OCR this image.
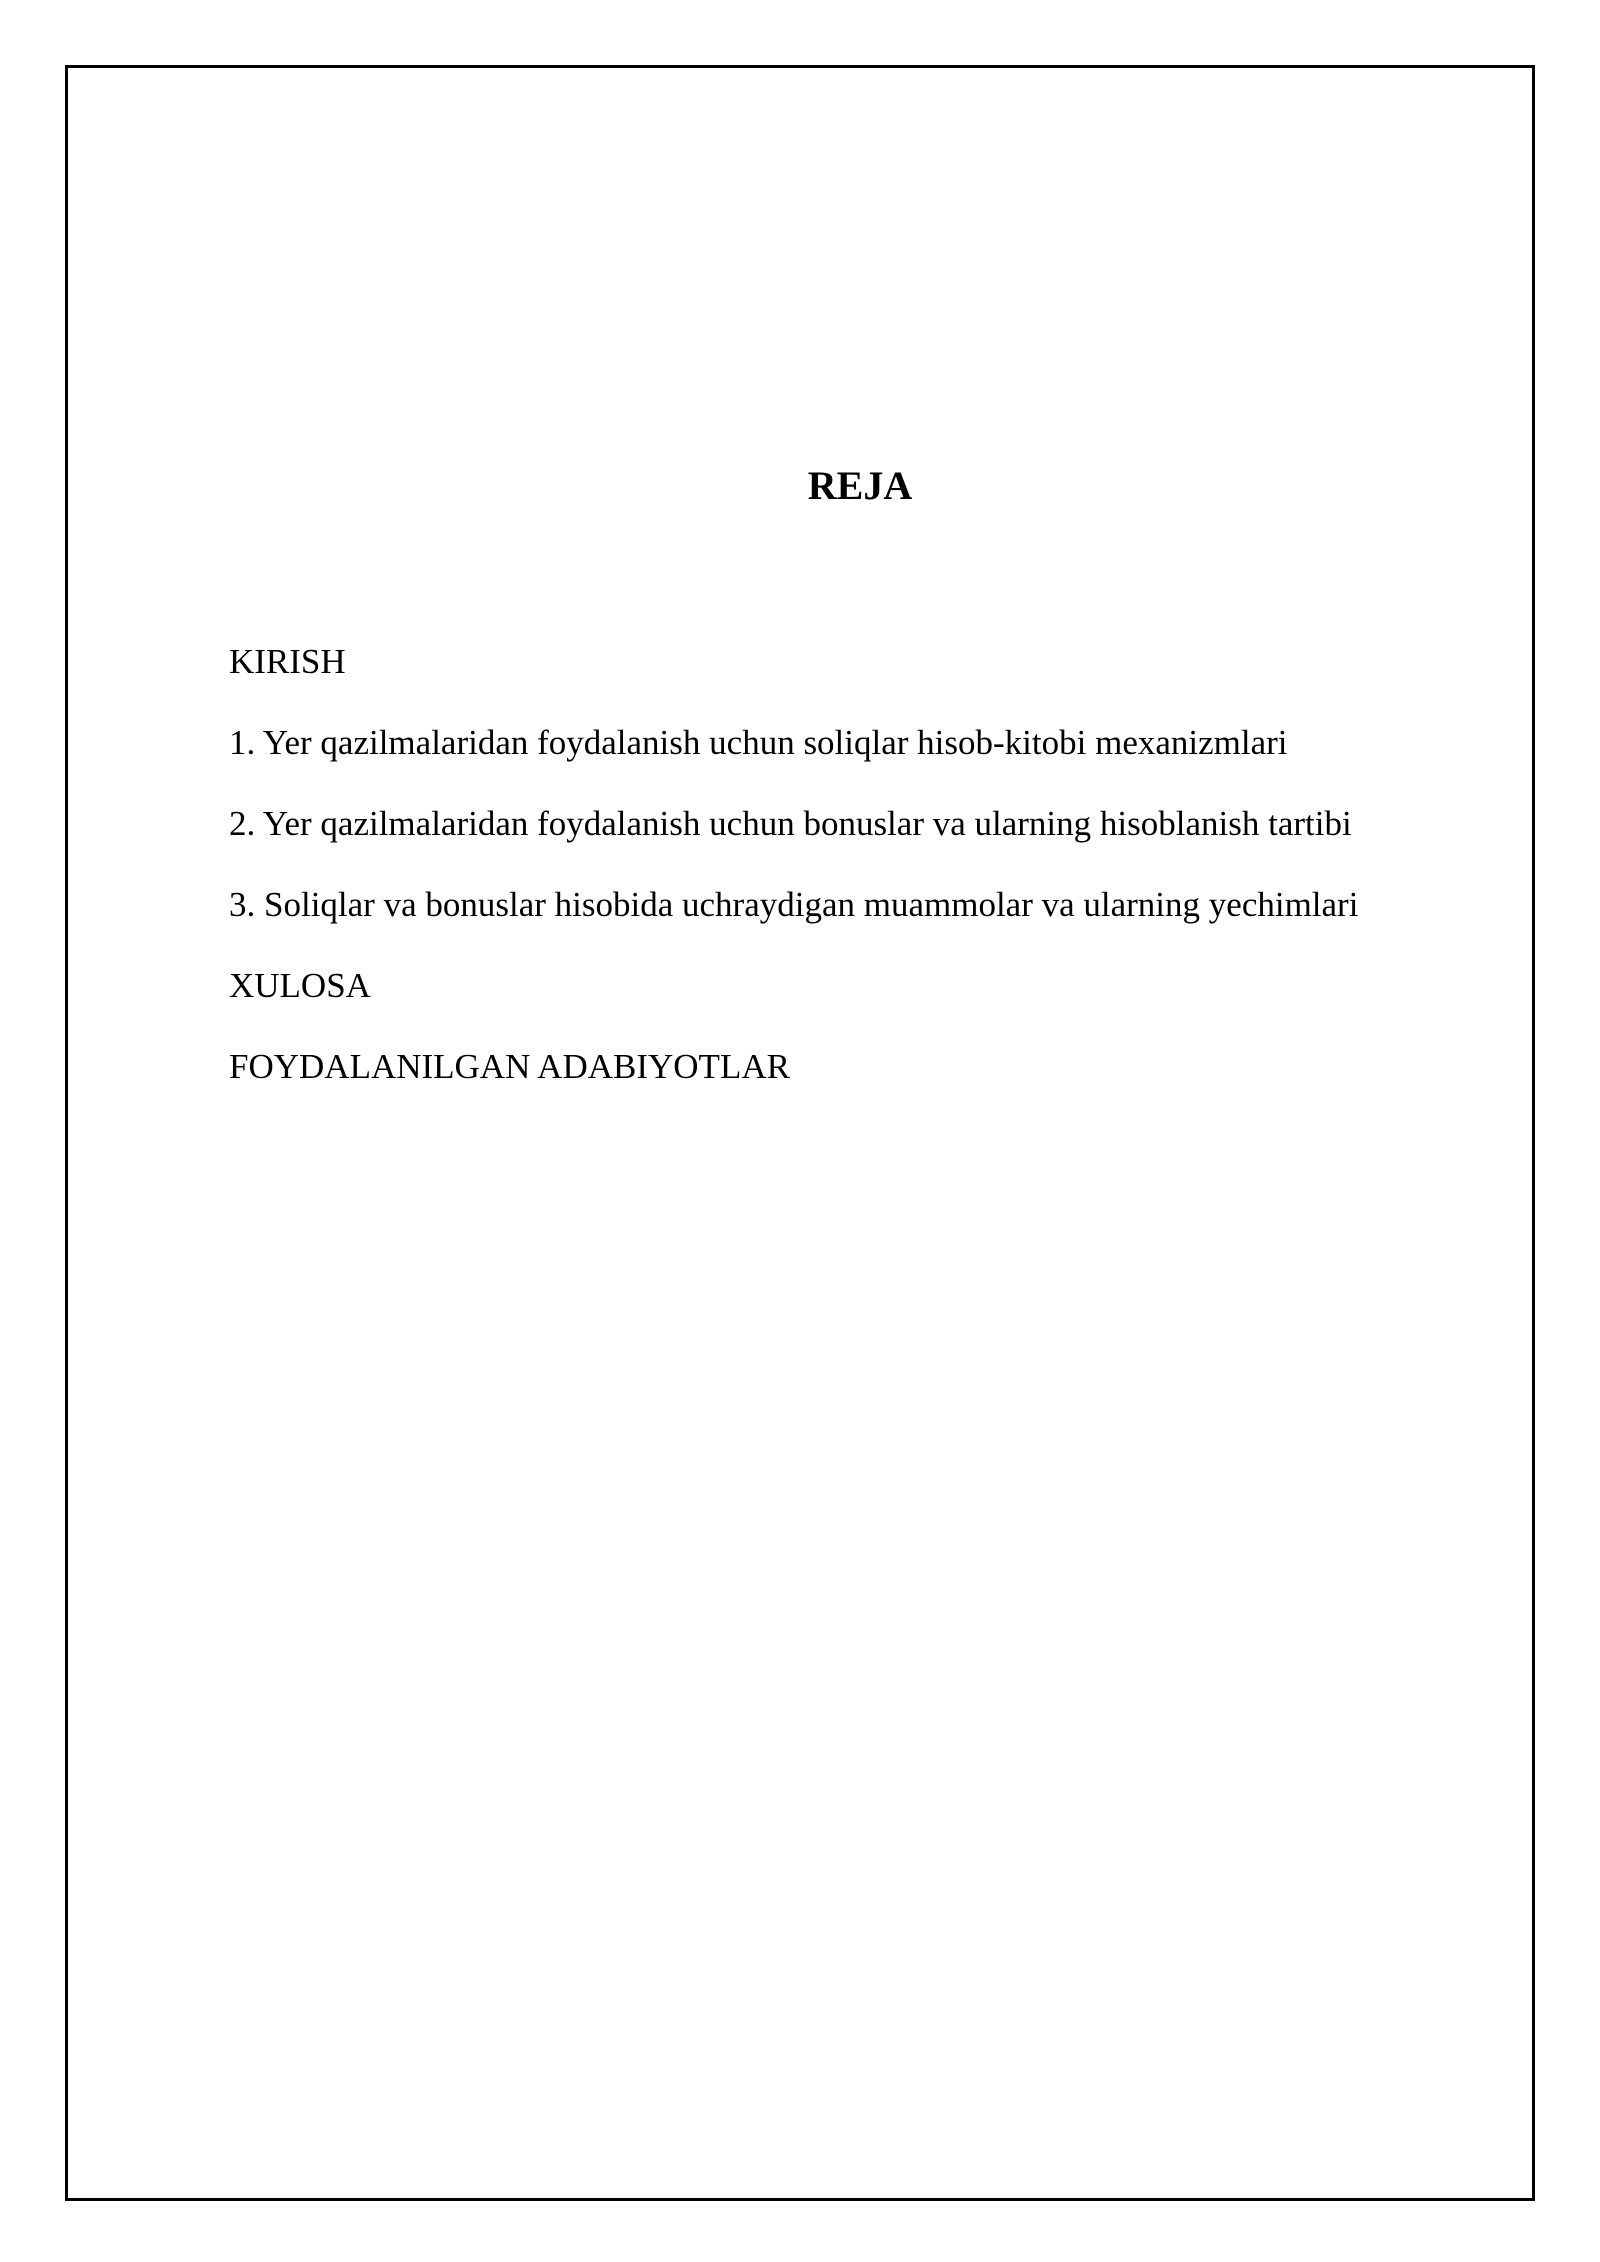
REJA
KIRISH
1. Yer qazilmalaridan foydalanish uchun soliqlar hisob-kitobi mexanizmlari
2. Yer qazilmalaridan foydalanish uchun bonuslar va ularning hisoblanish tartibi
3. Soliqlar va bonuslar hisobida uchraydigan muammolar va ularning yechimlari
XULOSA
FOYDALANILGAN ADABIYOTLAR
